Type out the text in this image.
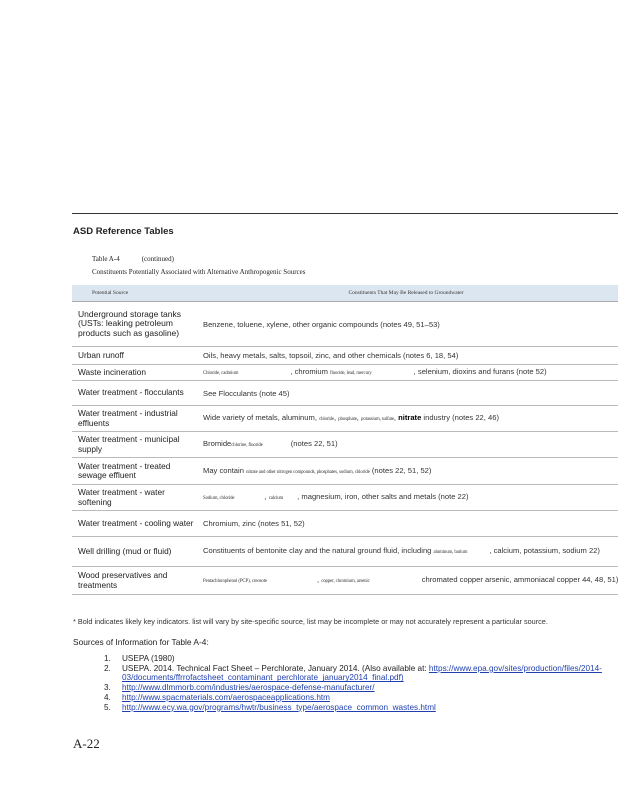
ASD Reference Tables
Table A-4	(continued)
Constituents Potentially Associated with Alternative Anthropogenic Sources
Potential Source	Constituents That May Be Released to Groundwater
Underground storage tanks (USTs: leaking petroleum products such as gasoline)	Benzene, toluene, xylene, other organic compounds (notes 49, 51–53)
Urban runoff	Oils, heavy metals, salts, topsoil, zinc, and other chemicals (notes 6, 18, 54)
Waste incineration	Chloride, cadmium , chromium fluoride, lead, mercury , selenium, dioxins and furans (note 52)
Water treatment - flocculants	See Flocculants (note 45)
Water treatment - industrial effluents	Wide variety of metals, aluminum, chloride, phosphate, potassium, sulfate, nitrate industry (notes 22, 46)
Water treatment - municipal supply	Bromidechlorine, fluoride (notes 22, 51)
Water treatment - treated sewage effluent	May contain nitrate and other nitrogen compounds, phosphates, sodium, chloride (notes 22, 51, 52)
Water treatment - water softening	Sodium, chloride , calcium , magnesium, iron, other salts and metals (note 22)
Water treatment - cooling water	Chromium, zinc (notes 51, 52)
Well drilling (mud or fluid)	Constituents of bentonite clay and the natural ground fluid, including aluminum, barium , calcium, potassium, sodium 22)
Wood preservatives and treatments	Pentachlorophenol (PCP), creosote , copper, chromium, arsenic chromated copper arsenic, ammoniacal copper 44, 48, 51)
* Bold indicates likely key indicators. list will vary by site-specific source, list may be incomplete or may not accurately represent a particular source.
Sources of Information for Table A-4:
1. USEPA (1980)
2. USEPA. 2014. Technical Fact Sheet – Perchlorate, January 2014. (Also available at: https://www.epa.gov/sites/production/files/2014-03/documents/ffrrofactsheet_contaminant_perchlorate_january2014_final.pdf)
3. http://www.dlmmorb.com/industries/aerospace-defense-manufacturer/
4. http://www.spacmaterials.com/aerospaceapplications.htm
5. http://www.ecy.wa.gov/programs/hwtr/business_type/aerospace_common_wastes.html
A-22
